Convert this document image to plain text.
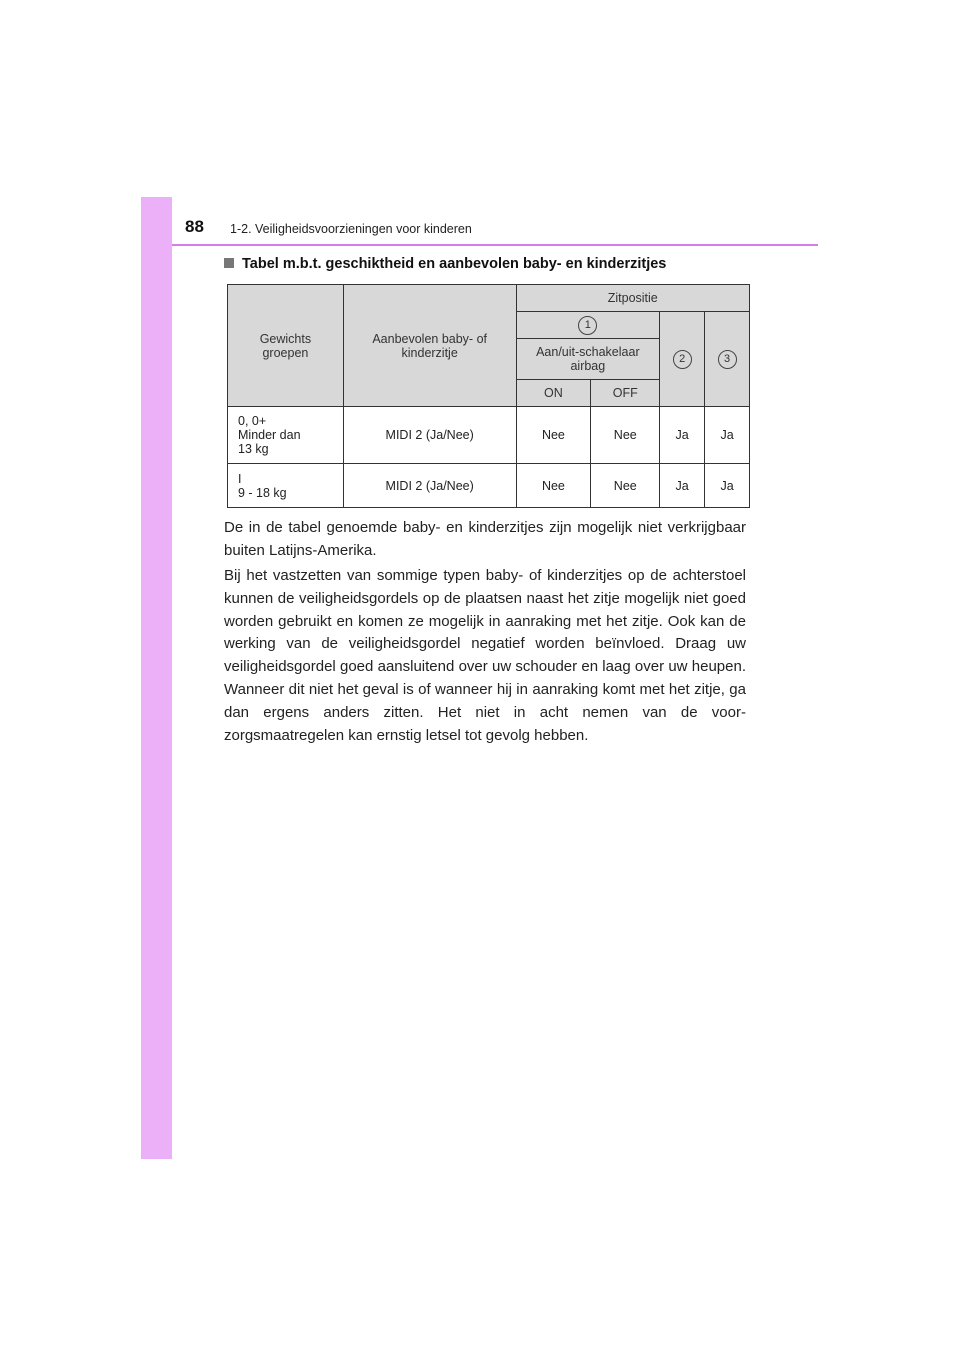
88 1-2. Veiligheidsvoorzieningen voor kinderen
Tabel m.b.t. geschiktheid en aanbevolen baby- en kinderzitjes
Gewichts groepen	Aanbevolen baby- of kinderzitje	Zitpositie			
		1		2	3
		Aan/uit-schakelaar airbag			
		ON	OFF		
0, 0+
Minder dan
13 kg	MIDI 2 (Ja/Nee)	Nee	Nee	Ja	Ja
I
9 - 18 kg	MIDI 2 (Ja/Nee)	Nee	Nee	Ja	Ja

De in de tabel genoemde baby- en kinderzitjes zijn mogelijk niet verkrijgbaar buiten Latijns-Amerika.

Bij het vastzetten van sommige typen baby- of kinderzitjes op de achterstoel kunnen de veiligheidsgordels op de plaatsen naast het zitje mogelijk niet goed worden gebruikt en komen ze mogelijk in aanraking met het zitje. Ook kan de werking van de veiligheidsgordel negatief worden beïnvloed. Draag uw veiligheidsgordel goed aansluitend over uw schouder en laag over uw heupen. Wanneer dit niet het geval is of wanneer hij in aanraking komt met het zitje, ga dan ergens anders zitten. Het niet in acht nemen van de voor-zorgsmaatregelen kan ernstig letsel tot gevolg hebben.
